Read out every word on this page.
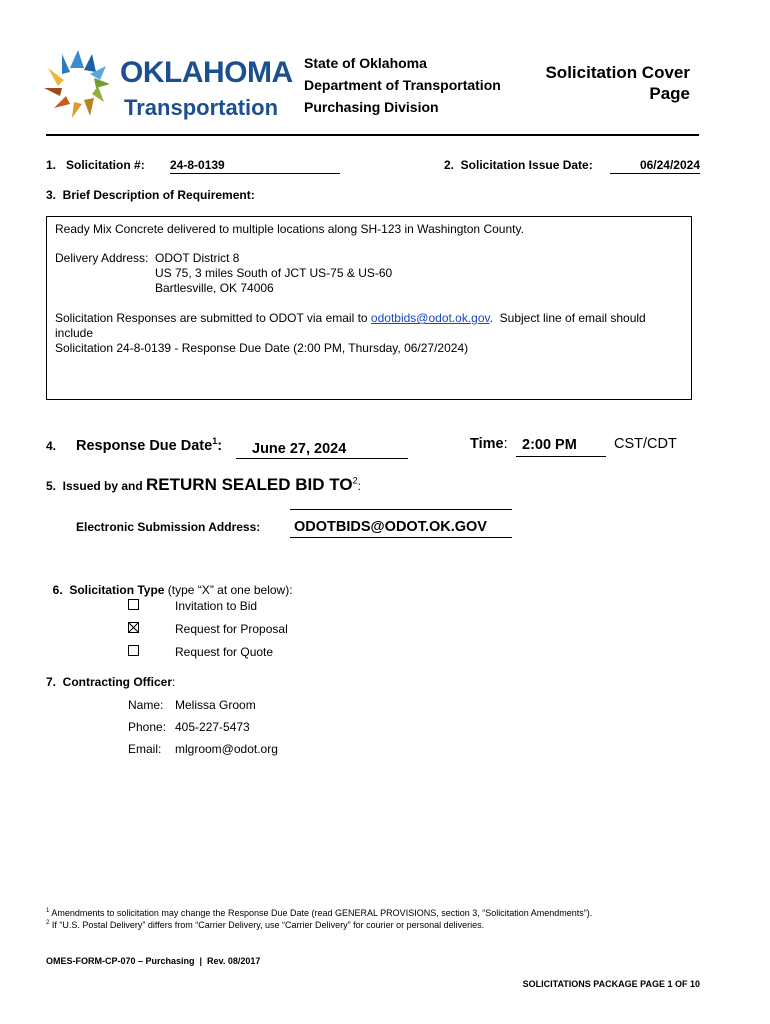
OKLAHOMA
Transportation
State of Oklahoma
Department of Transportation
Purchasing Division
Solicitation Cover
Page
1.   Solicitation #: 24-8-0139	2.  Solicitation Issue Date:	06/24/2024
3.  Brief Description of Requirement:
Ready Mix Concrete delivered to multiple locations along SH-123 in Washington County.
Delivery Address: ODOT District 8
US 75, 3 miles South of JCT US-75 & US-60
Bartlesville, OK 74006
Solicitation Responses are submitted to ODOT via email to odotbids@odot.ok.gov.  Subject line of email should
include
Solicitation 24-8-0139 - Response Due Date (2:00 PM, Thursday, 06/27/2024)
4. Response Due Date$^1$:	June 27, 2024	Time: 2:00 PM	CST/CDT
5.  Issued by and RETURN SEALED BID $TO^2$:
Electronic Submission Address: ODOTBIDS@ODOT.OK.GOV

6.  Solicitation Type (type “X” at one below):

Invitation to Bid
Request for Proposal
Request for Quote
7.  Contracting Officer:
Name: Melissa Groom
Phone: 405-227-5473
Email: mlgroom@odot.org
$^1$ Amendments to solicitation may change the Response Due Date (read GENERAL PROVISIONS, section 3, “Solicitation Amendments”).
$^2$ If “U.S. Postal Delivery” differs from “Carrier Delivery, use “Carrier Delivery” for courier or personal deliveries.
OMES-FORM-CP-070 – Purchasing  |  Rev. 08/2017
SOLICITATIONS PACKAGE PAGE 1 OF 10
